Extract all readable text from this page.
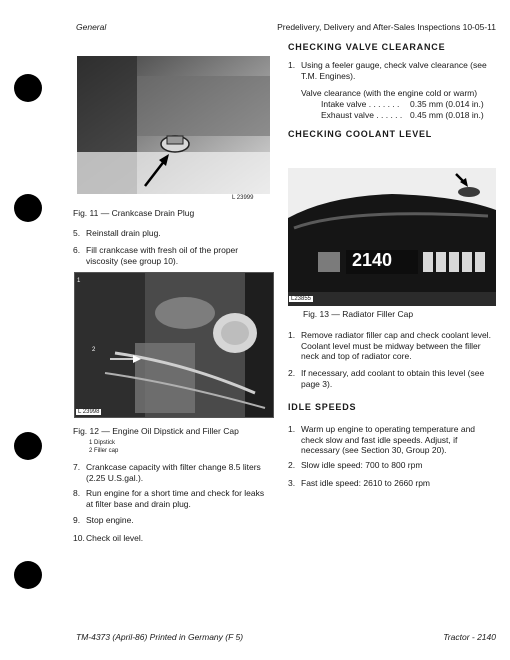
General	Predelivery, Delivery and After-Sales Inspections 10-05-11
L 23999
Fig. 11 — Crankcase Drain Plug
5. Reinstall drain plug.
6. Fill crankcase with fresh oil of the proper viscosity (see group 10).
1
2
L 23998
Fig. 12 — Engine Oil Dipstick and Filler Cap
1 Dipstick
2 Filler cap
7. Crankcase capacity with filter change 8.5 liters (2.25 U.S.gal.).
8. Run engine for a short time and check for leaks at filter base and drain plug.
9. Stop engine.
10. Check oil level.
CHECKING VALVE CLEARANCE
1. Using a feeler gauge, check valve clearance (see T.M. Engines).
Valve clearance (with the engine cold or warm)
Intake valve . . . . . . . 0.35 mm (0.014 in.)
Exhaust valve . . . . . . 0.45 mm (0.018 in.)
CHECKING COOLANT LEVEL
2140
L23855
Fig. 13 — Radiator Filler Cap
1. Remove radiator filler cap and check coolant level. Coolant level must be midway between the filler neck and top of radiator core.
2. If necessary, add coolant to obtain this level (see page 3).
IDLE SPEEDS
1. Warm up engine to operating temperature and check slow and fast idle speeds. Adjust, if necessary (see Section 30, Group 20).
2. Slow idle speed: 700 to 800 rpm
3. Fast idle speed: 2610 to 2660 rpm
TM-4373 (April-86) Printed in Germany (F 5)	Tractor - 2140
